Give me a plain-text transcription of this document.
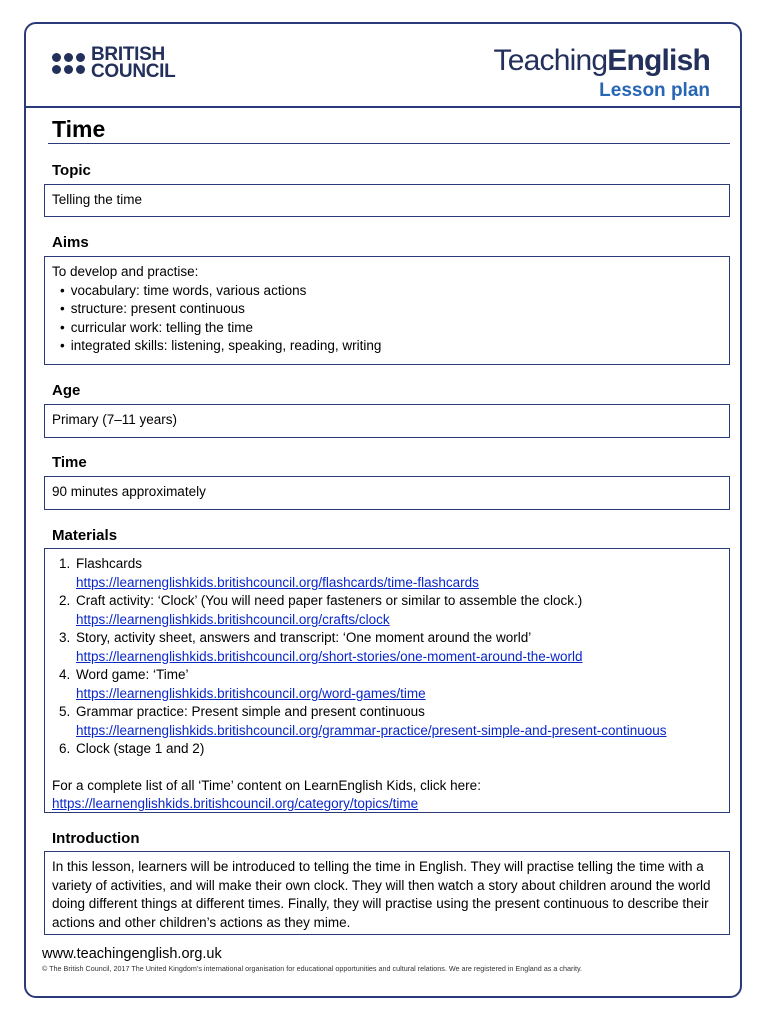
BRITISH
COUNCIL	TeachingEnglish
Lesson plan
Time
Topic
Telling the time
Aims
To develop and practise:
• vocabulary: time words, various actions
• structure: present continuous
• curricular work: telling the time
• integrated skills: listening, speaking, reading, writing
Age
Primary (7–11 years)
Time
90 minutes approximately
Materials
1. Flashcards
https://learnenglishkids.britishcouncil.org/flashcards/time-flashcards
2. Craft activity: ‘Clock’ (You will need paper fasteners or similar to assemble the clock.)
https://learnenglishkids.britishcouncil.org/crafts/clock
3. Story, activity sheet, answers and transcript: ‘One moment around the world’
https://learnenglishkids.britishcouncil.org/short-stories/one-moment-around-the-world
4. Word game: ‘Time’
https://learnenglishkids.britishcouncil.org/word-games/time
5. Grammar practice: Present simple and present continuous
https://learnenglishkids.britishcouncil.org/grammar-practice/present-simple-and-present-continuous
6. Clock (stage 1 and 2)
For a complete list of all ‘Time’ content on LearnEnglish Kids, click here:
https://learnenglishkids.britishcouncil.org/category/topics/time
Introduction
In this lesson, learners will be introduced to telling the time in English. They will practise telling the time with a variety of activities, and will make their own clock. They will then watch a story about children around the world doing different things at different times. Finally, they will practise using the present continuous to describe their actions and other children’s actions as they mime.
www.teachingenglish.org.uk
© The British Council, 2017 The United Kingdom’s international organisation for educational opportunities and cultural relations. We are registered in England as a charity.
